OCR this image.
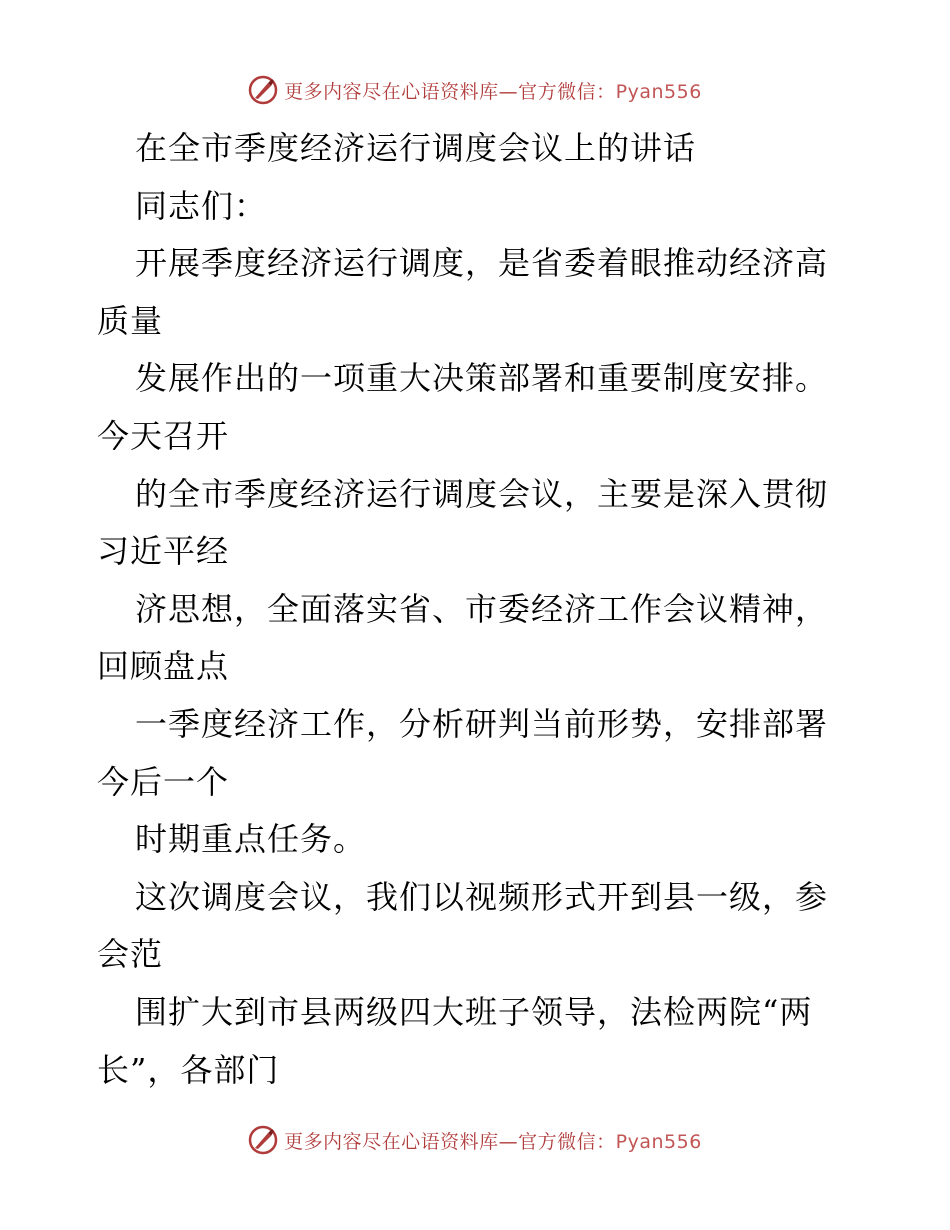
更多内容尽在心语资料库—官方微信：Pyan556
在全市季度经济运行调度会议上的讲话
同志们：
开展季度经济运行调度，是省委着眼推动经济高
质量
发展作出的一项重大决策部署和重要制度安排。
今天召开
的全市季度经济运行调度会议，主要是深入贯彻
习近平经
济思想，全面落实省、市委经济工作会议精神，
回顾盘点
一季度经济工作，分析研判当前形势，安排部署
今后一个
时期重点任务。
这次调度会议，我们以视频形式开到县一级，参
会范
围扩大到市县两级四大班子领导，法检两院“两
长”，各部门
更多内容尽在心语资料库—官方微信：Pyan556
